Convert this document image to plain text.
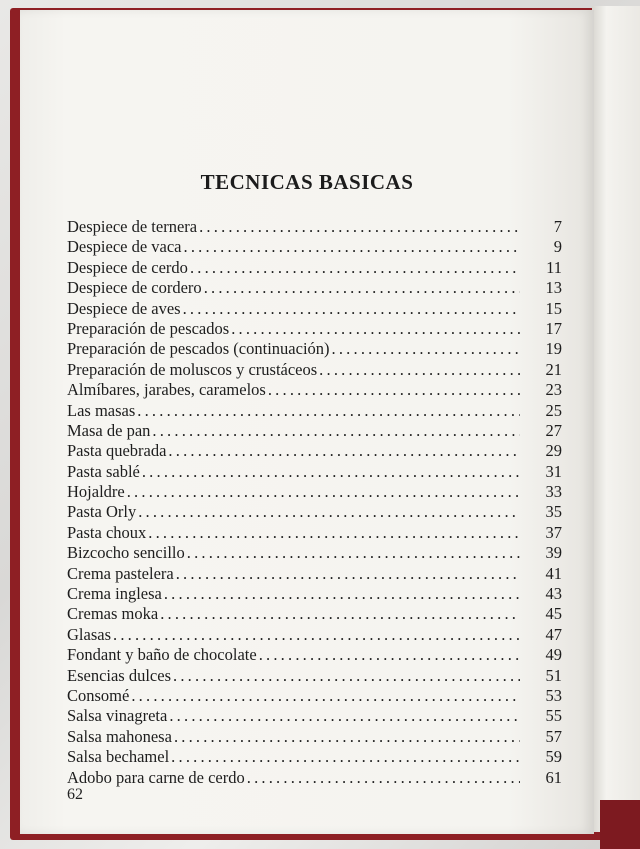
TECNICAS BASICAS
Despiece de ternera .....	7
Despiece de vaca .....	9
Despiece de cerdo .....	11
Despiece de cordero .....	13
Despiece de aves .....	15
Preparación de pescados .....	17
Preparación de pescados (continuación) .....	19
Preparación de moluscos y crustáceos .....	21
Almíbares, jarabes, caramelos .....	23
Las masas .....	25
Masa de pan .....	27
Pasta quebrada .....	29
Pasta sablé .....	31
Hojaldre .....	33
Pasta Orly .....	35
Pasta choux .....	37
Bizcocho sencillo .....	39
Crema pastelera .....	41
Crema inglesa .....	43
Cremas moka .....	45
Glasas .....	47
Fondant y baño de chocolate .....	49
Esencias dulces .....	51
Consomé .....	53
Salsa vinagreta .....	55
Salsa mahonesa .....	57
Salsa bechamel .....	59
Adobo para carne de cerdo .....	61
62
